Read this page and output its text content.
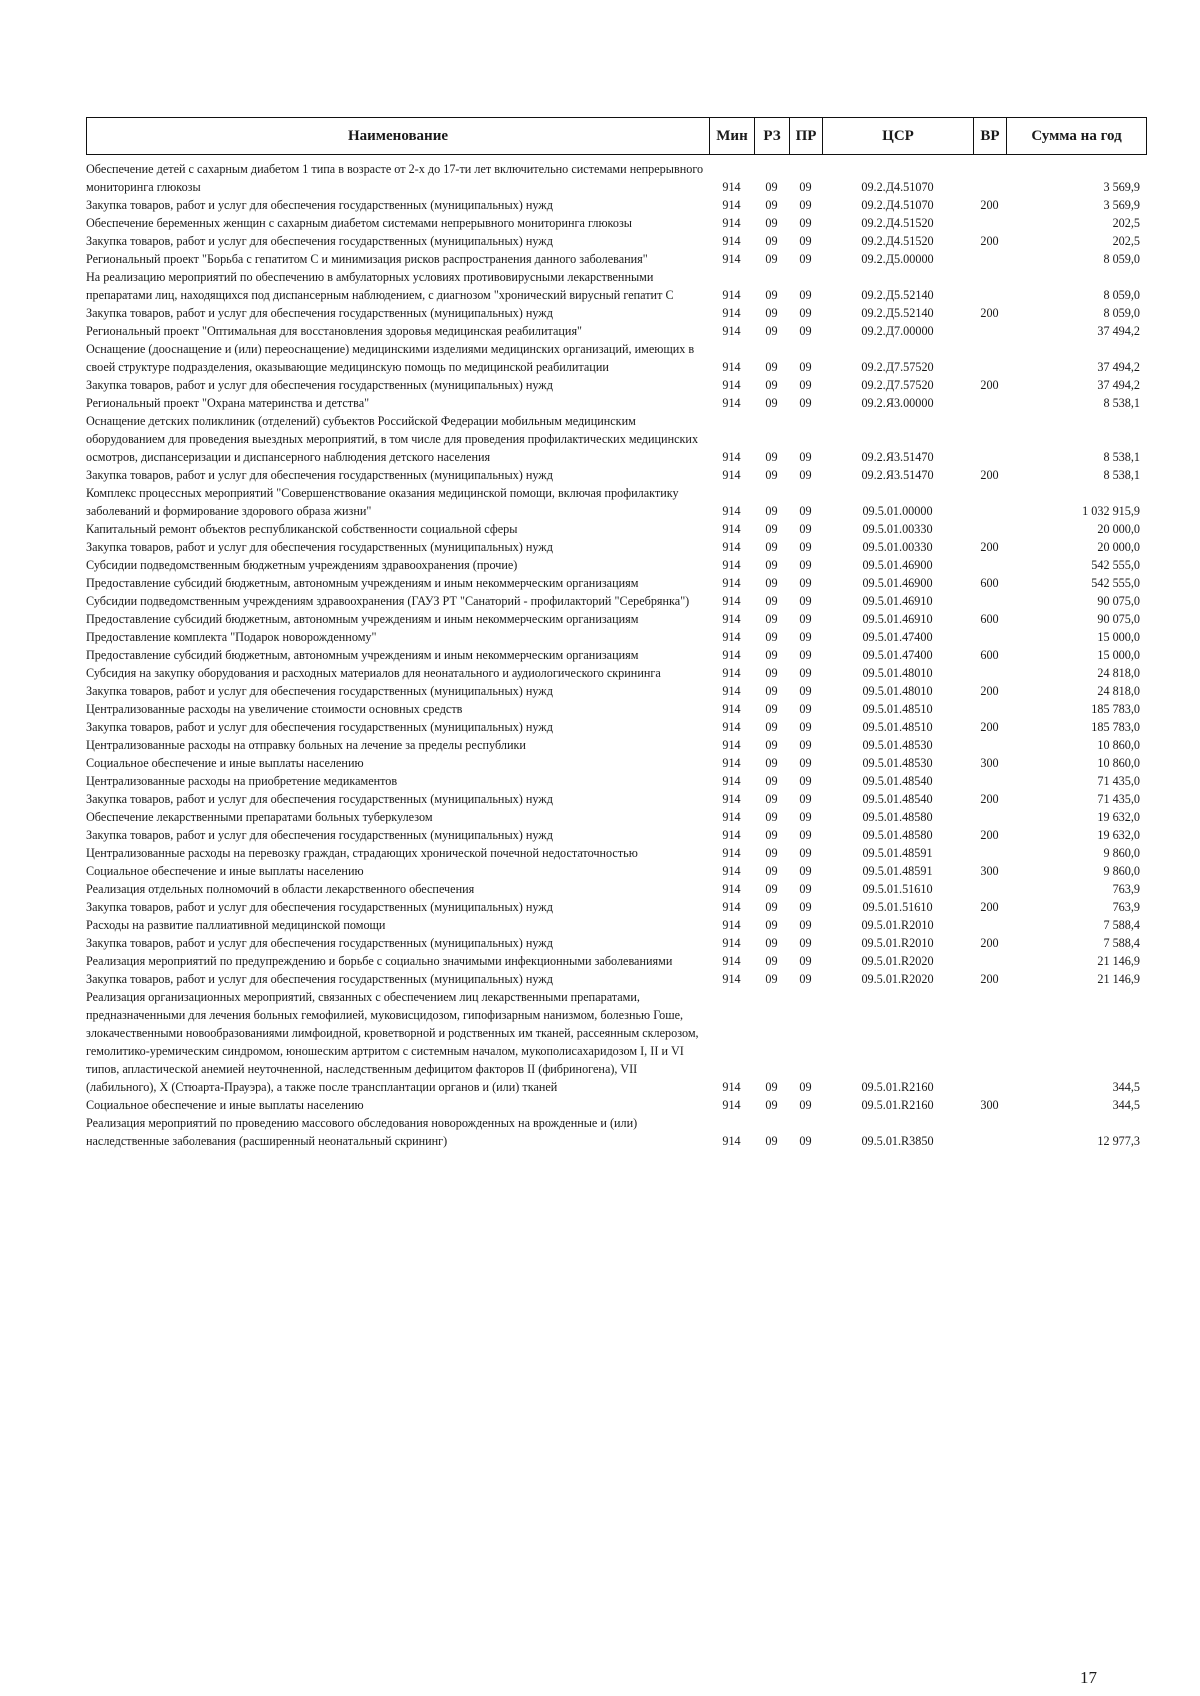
Наименование	Мин	РЗ	ПР	ЦСР	ВР	Сумма на год
Обеспечение детей с сахарным диабетом 1 типа в возрасте от 2-х до 17-ти лет включительно системами непрерывного мониторинга глюкозы	914	09	09	09.2.Д4.51070		3 569,9
Закупка товаров, работ и услуг для обеспечения государственных (муниципальных) нужд	914	09	09	09.2.Д4.51070	200	3 569,9
Обеспечение беременных женщин с сахарным диабетом системами непрерывного мониторинга глюкозы	914	09	09	09.2.Д4.51520		202,5
Закупка товаров, работ и услуг для обеспечения государственных (муниципальных) нужд	914	09	09	09.2.Д4.51520	200	202,5
Региональный проект "Борьба с гепатитом С и минимизация рисков распространения данного заболевания"	914	09	09	09.2.Д5.00000		8 059,0
На реализацию мероприятий по обеспечению в амбулаторных условиях противовирусными лекарственными препаратами лиц, находящихся под диспансерным наблюдением, с диагнозом "хронический вирусный гепатит С	914	09	09	09.2.Д5.52140		8 059,0
Закупка товаров, работ и услуг для обеспечения государственных (муниципальных) нужд	914	09	09	09.2.Д5.52140	200	8 059,0
Региональный проект "Оптимальная для восстановления здоровья медицинская реабилитация"	914	09	09	09.2.Д7.00000		37 494,2
Оснащение (дооснащение и (или) переоснащение) медицинскими изделиями медицинских организаций, имеющих в своей структуре подразделения, оказывающие медицинскую помощь по медицинской реабилитации	914	09	09	09.2.Д7.57520		37 494,2
Закупка товаров, работ и услуг для обеспечения государственных (муниципальных) нужд	914	09	09	09.2.Д7.57520	200	37 494,2
Региональный проект "Охрана материнства и детства"	914	09	09	09.2.Я3.00000		8 538,1
Оснащение детских поликлиник (отделений) субъектов Российской Федерации мобильным медицинским оборудованием для проведения выездных мероприятий, в том числе для проведения профилактических медицинских осмотров, диспансеризации и диспансерного наблюдения детского населения	914	09	09	09.2.Я3.51470		8 538,1
Закупка товаров, работ и услуг для обеспечения государственных (муниципальных) нужд	914	09	09	09.2.Я3.51470	200	8 538,1
Комплекс процессных мероприятий "Совершенствование оказания медицинской помощи, включая профилактику заболеваний и формирование здорового образа жизни"	914	09	09	09.5.01.00000		1 032 915,9
Капитальный ремонт объектов республиканской собственности социальной сферы	914	09	09	09.5.01.00330		20 000,0
Закупка товаров, работ и услуг для обеспечения государственных (муниципальных) нужд	914	09	09	09.5.01.00330	200	20 000,0
Субсидии подведомственным бюджетным учреждениям здравоохранения (прочие)	914	09	09	09.5.01.46900		542 555,0
Предоставление субсидий бюджетным, автономным учреждениям и иным некоммерческим организациям	914	09	09	09.5.01.46900	600	542 555,0
Субсидии подведомственным учреждениям здравоохранения (ГАУЗ РТ "Санаторий - профилакторий "Серебрянка")	914	09	09	09.5.01.46910		90 075,0
Предоставление субсидий бюджетным, автономным учреждениям и иным некоммерческим организациям	914	09	09	09.5.01.46910	600	90 075,0
Предоставление комплекта "Подарок новорожденному"	914	09	09	09.5.01.47400		15 000,0
Предоставление субсидий бюджетным, автономным учреждениям и иным некоммерческим организациям	914	09	09	09.5.01.47400	600	15 000,0
Субсидия на закупку оборудования и расходных материалов для неонатального и аудиологического скрининга	914	09	09	09.5.01.48010		24 818,0
Закупка товаров, работ и услуг для обеспечения государственных (муниципальных) нужд	914	09	09	09.5.01.48010	200	24 818,0
Централизованные расходы на увеличение стоимости основных средств	914	09	09	09.5.01.48510		185 783,0
Закупка товаров, работ и услуг для обеспечения государственных (муниципальных) нужд	914	09	09	09.5.01.48510	200	185 783,0
Централизованные расходы на отправку больных на лечение за пределы республики	914	09	09	09.5.01.48530		10 860,0
Социальное обеспечение и иные выплаты населению	914	09	09	09.5.01.48530	300	10 860,0
Централизованные расходы на приобретение медикаментов	914	09	09	09.5.01.48540		71 435,0
Закупка товаров, работ и услуг для обеспечения государственных (муниципальных) нужд	914	09	09	09.5.01.48540	200	71 435,0
Обеспечение лекарственными препаратами больных туберкулезом	914	09	09	09.5.01.48580		19 632,0
Закупка товаров, работ и услуг для обеспечения государственных (муниципальных) нужд	914	09	09	09.5.01.48580	200	19 632,0
Централизованные расходы на перевозку граждан, страдающих хронической почечной недостаточностью	914	09	09	09.5.01.48591		9 860,0
Социальное обеспечение и иные выплаты населению	914	09	09	09.5.01.48591	300	9 860,0
Реализация отдельных полномочий в области лекарственного обеспечения	914	09	09	09.5.01.51610		763,9
Закупка товаров, работ и услуг для обеспечения государственных (муниципальных) нужд	914	09	09	09.5.01.51610	200	763,9
Расходы на развитие паллиативной медицинской помощи	914	09	09	09.5.01.R2010		7 588,4
Закупка товаров, работ и услуг для обеспечения государственных (муниципальных) нужд	914	09	09	09.5.01.R2010	200	7 588,4
Реализация мероприятий по предупреждению и борьбе с социально значимыми инфекционными заболеваниями	914	09	09	09.5.01.R2020		21 146,9
Закупка товаров, работ и услуг для обеспечения государственных (муниципальных) нужд	914	09	09	09.5.01.R2020	200	21 146,9
Реализация организационных мероприятий, связанных с обеспечением лиц лекарственными препаратами, предназначенными для лечения больных гемофилией, муковисцидозом, гипофизарным нанизмом, болезнью Гоше, злокачественными новообразованиями лимфоидной, кроветворной и родственных им тканей, рассеянным склерозом, гемолитико-уремическим синдромом, юношеским артритом с системным началом, мукополисахаридозом I, II и VI типов, апластической анемией неуточненной, наследственным дефицитом факторов II (фибриногена), VII (лабильного), X (Стюарта-Прауэра), а также после трансплантации органов и (или) тканей	914	09	09	09.5.01.R2160		344,5
Социальное обеспечение и иные выплаты населению	914	09	09	09.5.01.R2160	300	344,5
Реализация мероприятий по проведению массового обследования новорожденных на врожденные и (или) наследственные заболевания (расширенный неонатальный скрининг)	914	09	09	09.5.01.R3850		12 977,3
17
